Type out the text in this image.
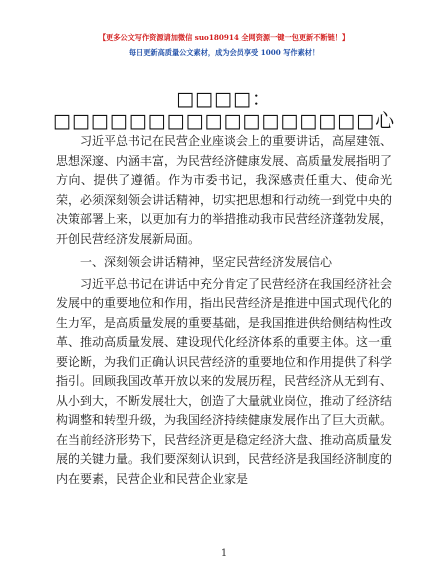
【更多公文写作资源请加微信 suo180914 全网资源一键一包更新不断链！】
每日更新高质量公文素材，成为会员享受 1000 写作素材！
□□□□：□□□□□□□□□□□□□□□□□心

习近平总书记在民营企业座谈会上的重要讲话，高屋建瓴、思想深邃、内涵丰富，为民营经济健康发展、高质量发展指明了方向、提供了遵循。作为市委书记，我深感责任重大、使命光荣，必须深刻领会讲话精神，切实把思想和行动统一到党中央的决策部署上来，以更加有力的举措推动我市民营经济蓬勃发展，开创民营经济发展新局面。

一、深刻领会讲话精神，坚定民营经济发展信心

习近平总书记在讲话中充分肯定了民营经济在我国经济社会发展中的重要地位和作用，指出民营经济是推进中国式现代化的生力军，是高质量发展的重要基础，是我国推进供给侧结构性改革、推动高质量发展、建设现代化经济体系的重要主体。这一重要论断，为我们正确认识民营经济的重要地位和作用提供了科学指引。回顾我国改革开放以来的发展历程，民营经济从无到有、从小到大，不断发展壮大，创造了大量就业岗位，推动了经济结构调整和转型升级，为我国经济持续健康发展作出了巨大贡献。在当前经济形势下，民营经济更是稳定经济大盘、推动高质量发展的关键力量。我们要深刻认识到，民营经济是我国经济制度的内在要素，民营企业和民营企业家是

1
